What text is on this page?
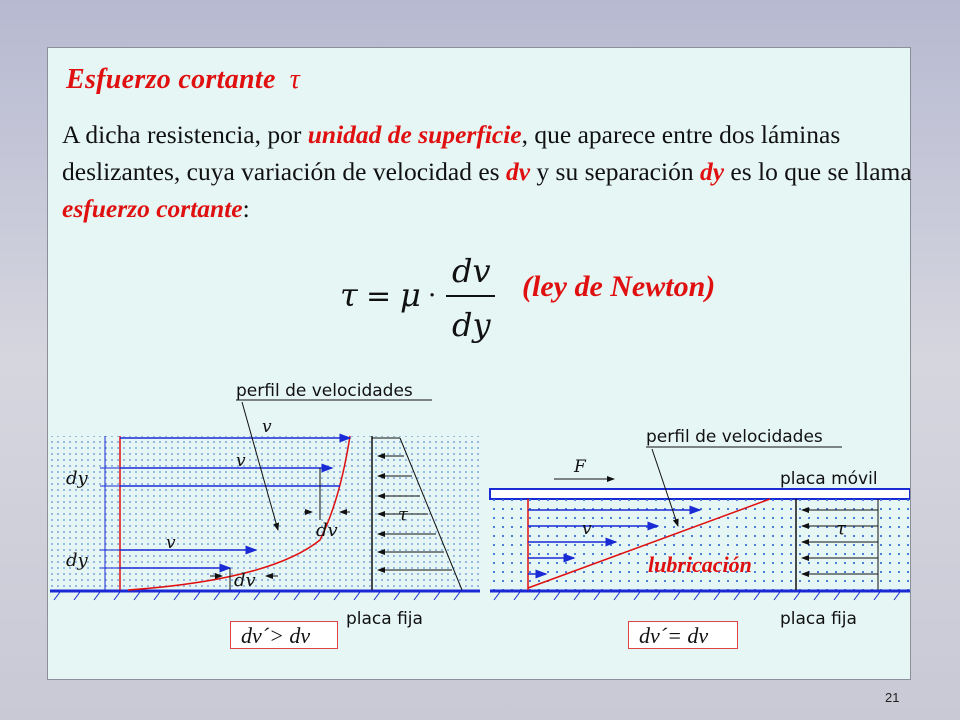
Esfuerzo cortante τ
A dicha resistencia, por unidad de superficie, que aparece entre dos láminas deslizantes, cuya variación de velocidad es dv y su separación dy es lo que se llama esfuerzo cortante:
τ = μ ·
dv
dy
(ley de Newton)
v
v
v
perfil de velocidades
dy
dy
dv
dv
τ
placa fija
v
F
perfil de velocidades
placa móvil
τ
lubricación
placa fija
dv´> dv	dv´= dv
21
